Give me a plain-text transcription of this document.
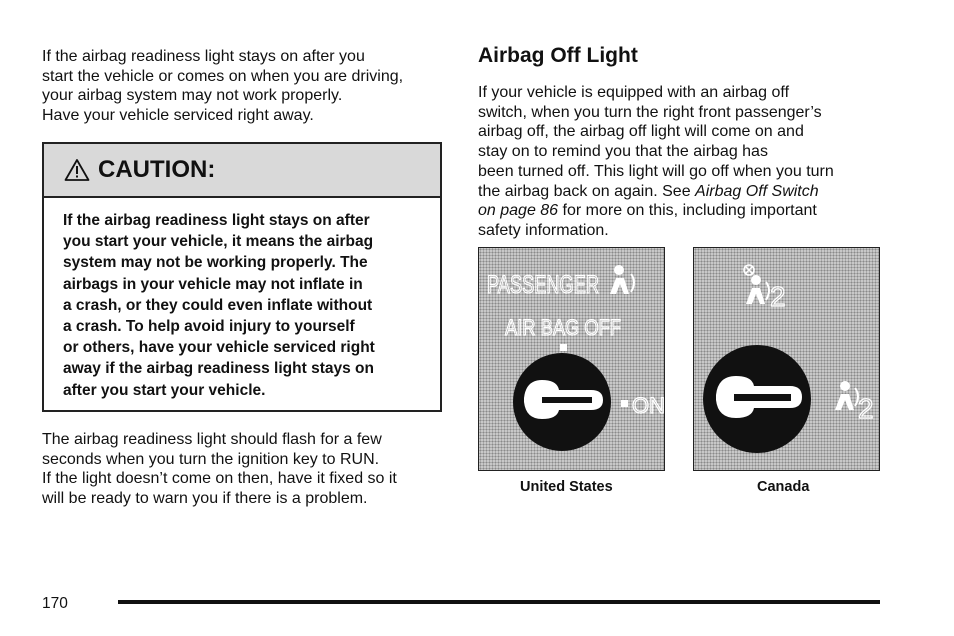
If the airbag readiness light stays on after you
start the vehicle or comes on when you are driving,
your airbag system may not work properly.
Have your vehicle serviced right away.

CAUTION:
If the airbag readiness light stays on after
you start your vehicle, it means the airbag
system may not be working properly. The
airbags in your vehicle may not inflate in
a crash, or they could even inflate without
a crash. To help avoid injury to yourself
or others, have your vehicle serviced right
away if the airbag readiness light stays on
after you start your vehicle.

The airbag readiness light should flash for a few
seconds when you turn the ignition key to RUN.
If the light doesn’t come on then, have it fixed so it
will be ready to warn you if there is a problem.

Airbag Off Light

If your vehicle is equipped with an airbag off
switch, when you turn the right front passenger’s
airbag off, the airbag off light will come on and
stay on to remind you that the airbag has
been turned off. This light will go off when you turn
the airbag back on again. See Airbag Off Switch
on page 86 for more on this, including important
safety information.

PASSENGER
AIR BAG OFF
ON
2
2
United States	Canada
170
